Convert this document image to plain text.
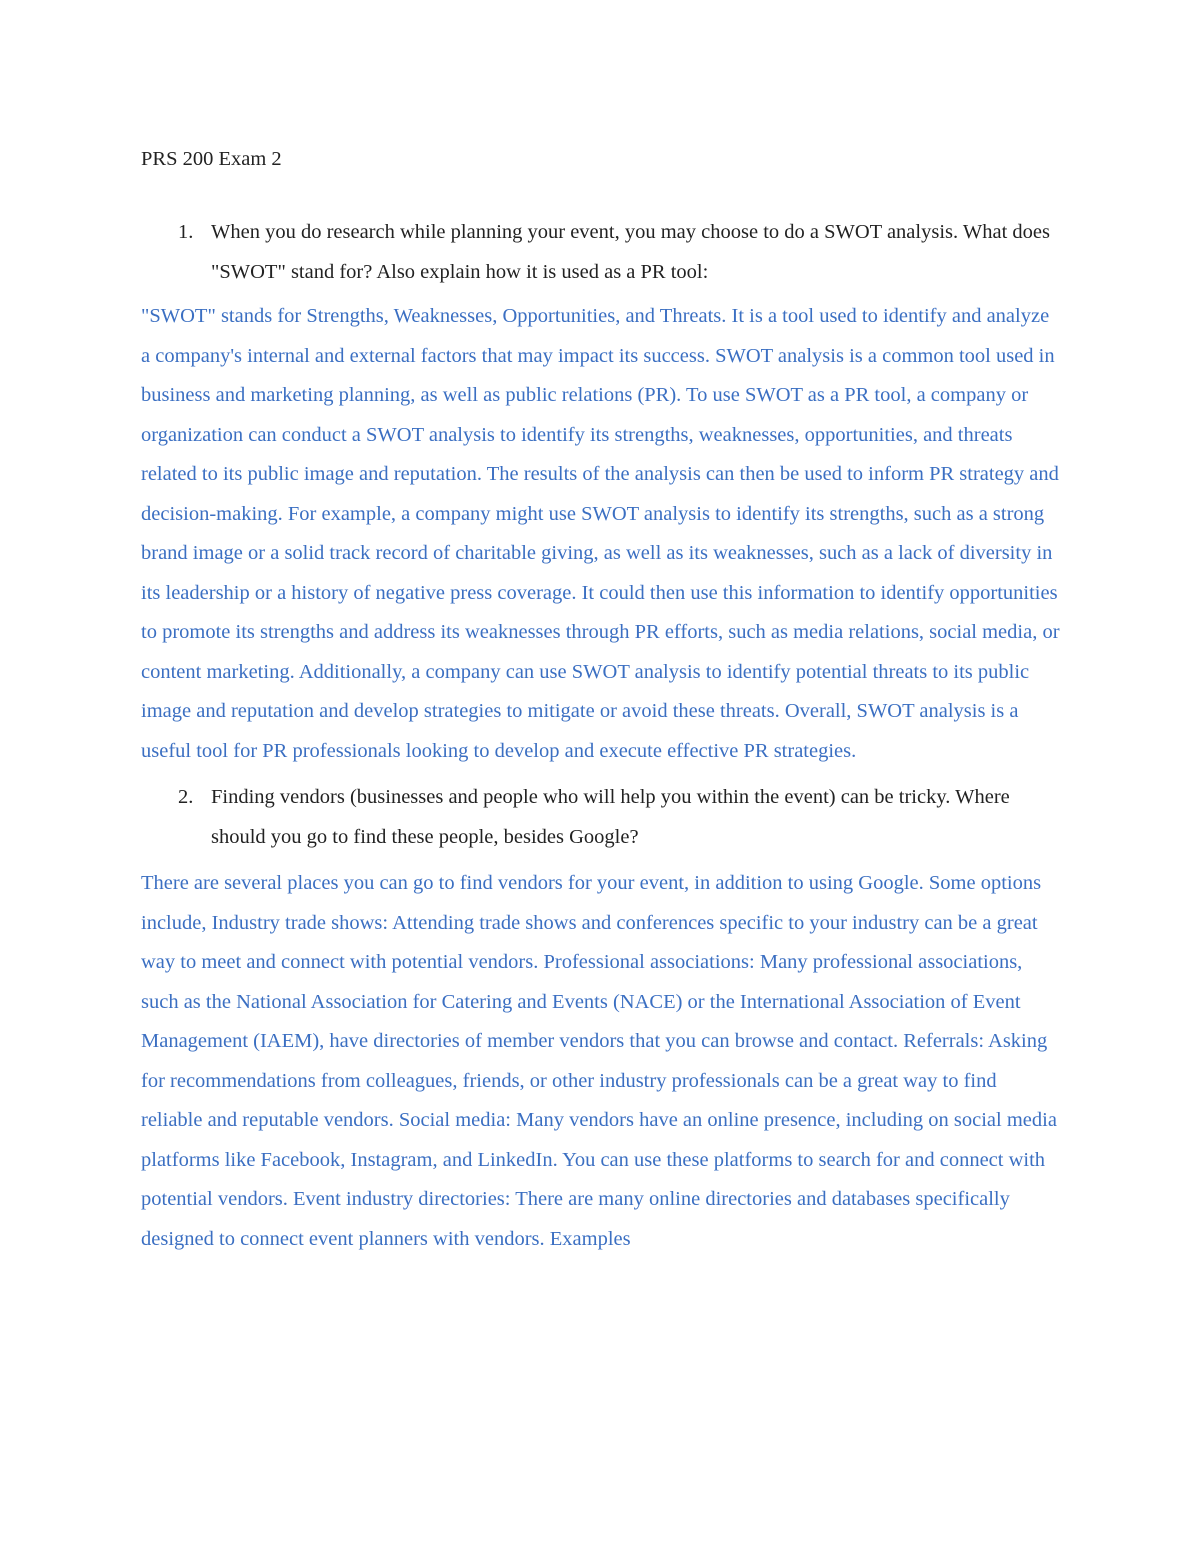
PRS 200 Exam 2

1. When you do research while planning your event, you may choose to do a SWOT analysis. What does "SWOT" stand for? Also explain how it is used as a PR tool:

"SWOT" stands for Strengths, Weaknesses, Opportunities, and Threats. It is a tool used to identify and analyze a company's internal and external factors that may impact its success. SWOT analysis is a common tool used in business and marketing planning, as well as public relations (PR). To use SWOT as a PR tool, a company or organization can conduct a SWOT analysis to identify its strengths, weaknesses, opportunities, and threats related to its public image and reputation. The results of the analysis can then be used to inform PR strategy and decision-making. For example, a company might use SWOT analysis to identify its strengths, such as a strong brand image or a solid track record of charitable giving, as well as its weaknesses, such as a lack of diversity in its leadership or a history of negative press coverage. It could then use this information to identify opportunities to promote its strengths and address its weaknesses through PR efforts, such as media relations, social media, or content marketing. Additionally, a company can use SWOT analysis to identify potential threats to its public image and reputation and develop strategies to mitigate or avoid these threats. Overall, SWOT analysis is a useful tool for PR professionals looking to develop and execute effective PR strategies.

2. Finding vendors (businesses and people who will help you within the event) can be tricky. Where should you go to find these people, besides Google?

There are several places you can go to find vendors for your event, in addition to using Google. Some options include, Industry trade shows: Attending trade shows and conferences specific to your industry can be a great way to meet and connect with potential vendors. Professional associations: Many professional associations, such as the National Association for Catering and Events (NACE) or the International Association of Event Management (IAEM), have directories of member vendors that you can browse and contact. Referrals: Asking for recommendations from colleagues, friends, or other industry professionals can be a great way to find reliable and reputable vendors. Social media: Many vendors have an online presence, including on social media platforms like Facebook, Instagram, and LinkedIn. You can use these platforms to search for and connect with potential vendors. Event industry directories: There are many online directories and databases specifically designed to connect event planners with vendors. Examples
